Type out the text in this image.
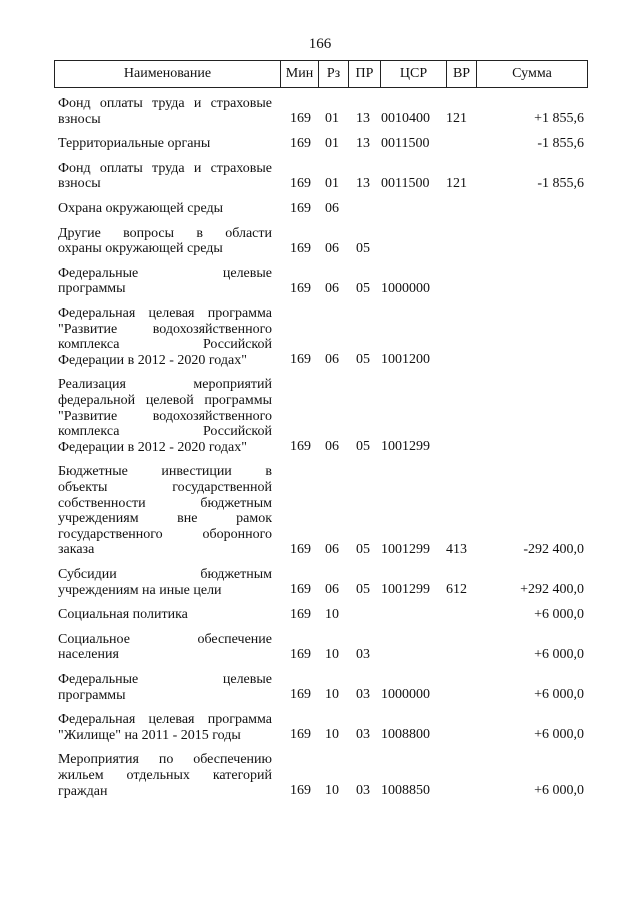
166
Наименование	Мин Рз	ПР	ЦСР	ВР	Сумма
Фонд оплаты труда и страховые
взносы	169 01 13 0010400 121	+1 855,6
Территориальные органы	169 01 13 0011500	-1 855,6
Фонд оплаты труда и страховые
взносы	169 01 13 0011500 121	-1 855,6
Охрана окружающей среды	169 06
Другие вопросы в области
охраны окружающей среды	169 06 05
Федеральные целевые
программы	169 06 05 1000000
Федеральная целевая программа
"Развитие водохозяйственного
комплекса Российской
Федерации в 2012 - 2020 годах"	169 06 05 1001200
Реализация мероприятий
федеральной целевой программы
"Развитие водохозяйственного
комплекса Российской
Федерации в 2012 - 2020 годах"	169 06 05 1001299
Бюджетные инвестиции в
объекты государственной
собственности бюджетным
учреждениям вне рамок
государственного оборонного
заказа	169 06 05 1001299 413	-292 400,0
Субсидии бюджетным
учреждениям на иные цели	169 06 05 1001299 612	+292 400,0
Социальная политика	169 10	+6 000,0
Социальное обеспечение
населения	169 10 03	+6 000,0
Федеральные целевые
программы	169 10 03 1000000	+6 000,0
Федеральная целевая программа
"Жилище" на 2011 - 2015 годы	169 10 03 1008800	+6 000,0
Мероприятия по обеспечению
жильем отдельных категорий
граждан	169 10 03 1008850	+6 000,0
